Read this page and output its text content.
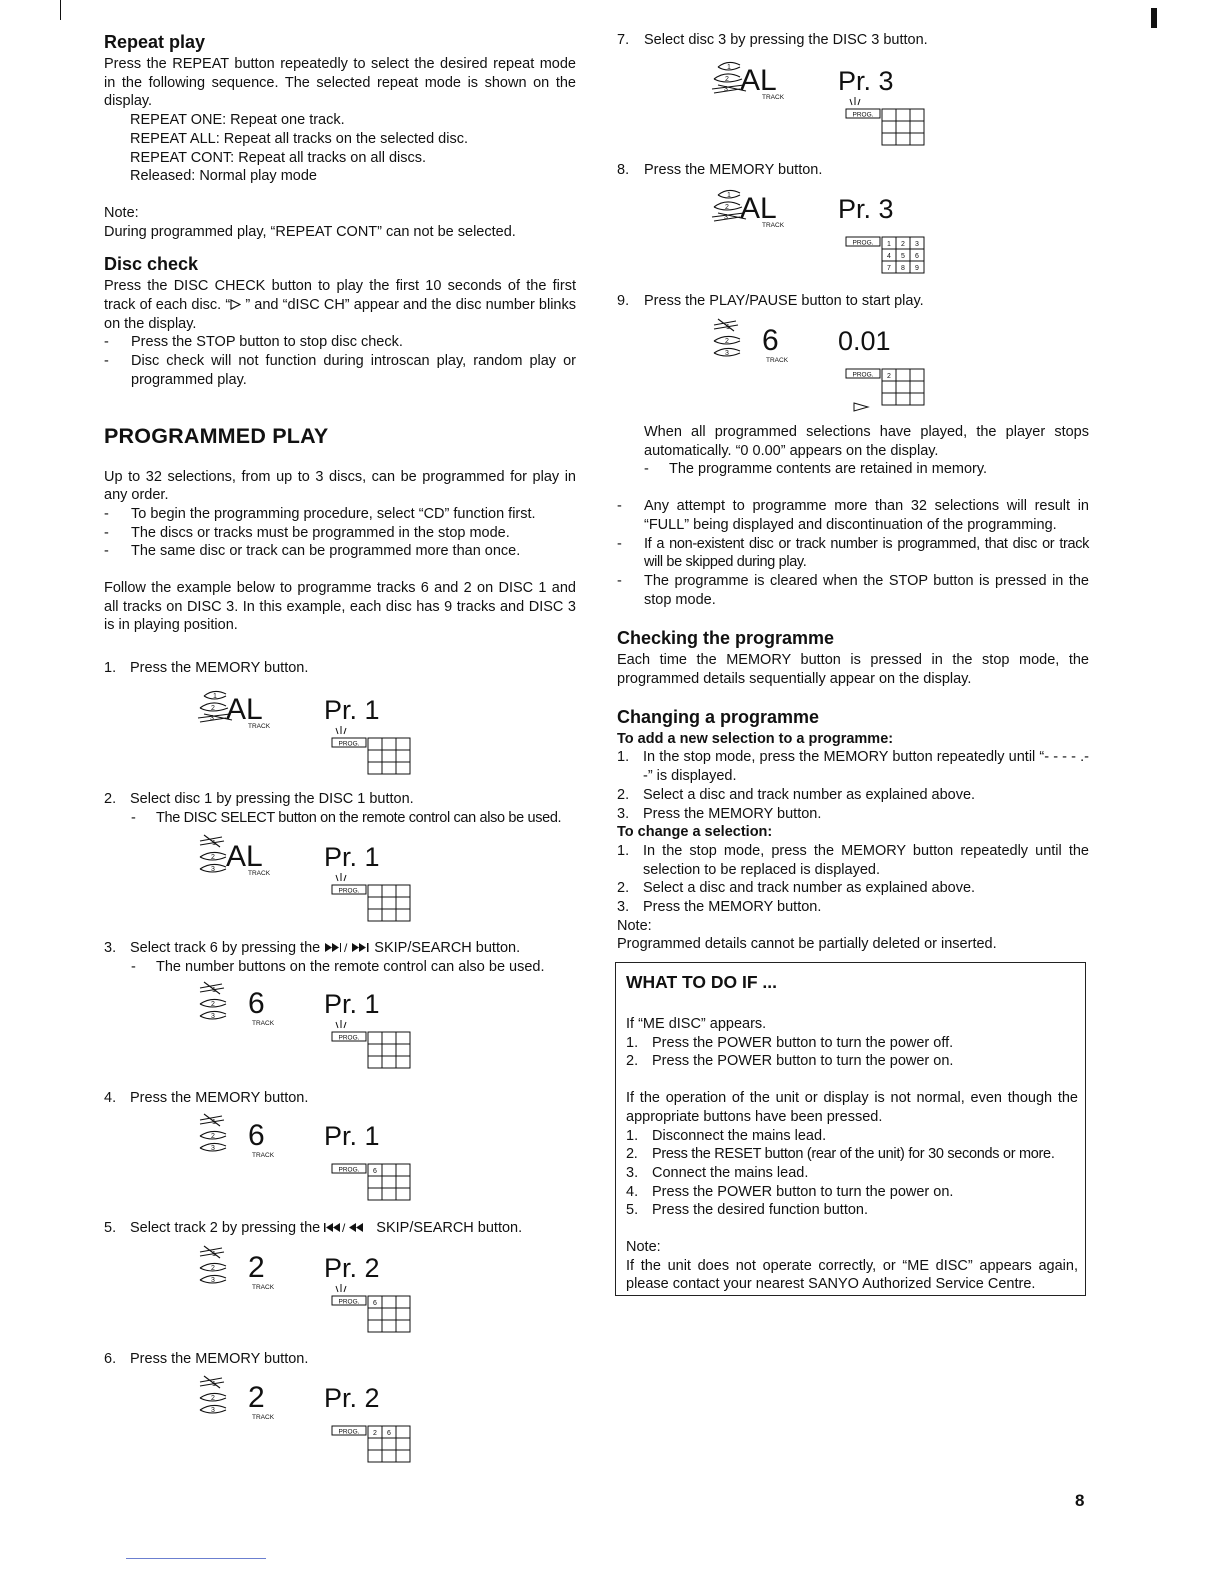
Repeat play

Press the REPEAT button repeatedly to select the desired repeat mode in the following sequence. The selected repeat mode is shown on the display.

REPEAT ONE: Repeat one track.

REPEAT ALL: Repeat all tracks on the selected disc.

REPEAT CONT: Repeat all tracks on all discs.

Released: Normal play mode

Note:

During programmed play, “REPEAT CONT” can not be selected.

Disc check

Press the DISC CHECK button to play the first 10 seconds of the first track of each disc. “ ” and “dISC CH” appear and the disc number blinks on the display.

- Press the STOP button to stop disc check.

- Disc check will not function during introscan play, random play or programmed play.

PROGRAMMED PLAY

Up to 32 selections, from up to 3 discs, can be programmed for play in any order.

- To begin the programming procedure, select “CD” function first.

- The discs or tracks must be programmed in the stop mode.

- The same disc or track can be programmed more than once.

Follow the example below to programme tracks 6 and 2 on DISC 1 and all tracks on DISC 3. In this example, each disc has 9 tracks and DISC 3 is in playing position.

1. Press the MEMORY button.

2. Select disc 1 by pressing the DISC 1 button.

- The DISC SELECT button on the remote control can also be used.

3. Select track 6 by pressing the / SKIP/SEARCH button.

- The number buttons on the remote control can also be used.

4. Press the MEMORY button.

5. Select track 2 by pressing the / SKIP/SEARCH button.

6. Press the MEMORY button.

7. Select disc 3 by pressing the DISC 3 button.

8. Press the MEMORY button.

9. Press the PLAY/PAUSE button to start play.

When all programmed selections have played, the player stops automatically. “0 0.00” appears on the display.

- The programme contents are retained in memory.

- Any attempt to programme more than 32 selections will result in “FULL” being displayed and discontinuation of the programming.

- If a non-existent disc or track number is programmed, that disc or track will be skipped during play.

- The programme is cleared when the STOP button is pressed in the stop mode.

Checking the programme

Each time the MEMORY button is pressed in the stop mode, the programmed details sequentially appear on the display.

Changing a programme

To add a new selection to a programme:

1. In the stop mode, press the MEMORY button repeatedly until “- - - - .- -” is displayed.

2. Select a disc and track number as explained above.

3. Press the MEMORY button.

To change a selection:

1. In the stop mode, press the MEMORY button repeatedly until the selection to be replaced is displayed.

2. Select a disc and track number as explained above.

3. Press the MEMORY button.

Note:

Programmed details cannot be partially deleted or inserted.

WHAT TO DO IF ...

If “ME dISC” appears.

1. Press the POWER button to turn the power off.

2. Press the POWER button to turn the power on.

If the operation of the unit or display is not normal, even though the appropriate buttons have been pressed.

1. Disconnect the mains lead.

2. Press the RESET button (rear of the unit) for 30 seconds or more.

3. Connect the mains lead.

4. Press the POWER button to turn the power on.

5. Press the desired function button.

Note:

If the unit does not operate correctly, or “ME dISC” appears again, please contact your nearest SANYO Authorized Service Centre.

1
2
3 AL
TRACK
Pr. 1
PROG.
1
2
3 AL
TRACK
Pr. 1
PROG.
1
2
3 6
TRACK
Pr. 1
PROG.
1
2
3 6
TRACK
Pr. 1
PROG. 6
1
2
3 2
TRACK
Pr. 2
PROG. 6
1
2
3 2
TRACK
Pr. 2
PROG. 2 6
1
2
3 AL
TRACK
Pr. 3
PROG.
1
2
3 AL
TRACK
Pr. 3
PROG. 1 2 3
4 5 6
7 8 9
1
2
3 6
TRACK
0.01
PROG. 2
8
